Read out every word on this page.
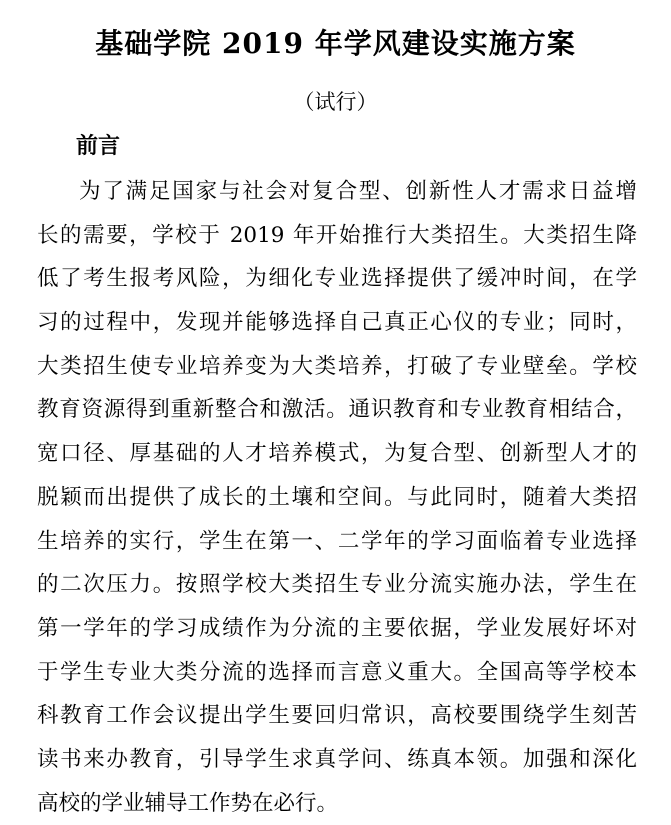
基础学院 2019 年学风建设实施方案
（试行）
前言
为了满足国家与社会对复合型、创新性人才需求日益增
长的需要，学校于 2019 年开始推行大类招生。大类招生降
低了考生报考风险，为细化专业选择提供了缓冲时间，在学
习的过程中，发现并能够选择自己真正心仪的专业；同时，
大类招生使专业培养变为大类培养，打破了专业壁垒。学校
教育资源得到重新整合和激活。通识教育和专业教育相结合，
宽口径、厚基础的人才培养模式，为复合型、创新型人才的
脱颖而出提供了成长的土壤和空间。与此同时，随着大类招
生培养的实行，学生在第一、二学年的学习面临着专业选择
的二次压力。按照学校大类招生专业分流实施办法，学生在
第一学年的学习成绩作为分流的主要依据，学业发展好坏对
于学生专业大类分流的选择而言意义重大。全国高等学校本
科教育工作会议提出学生要回归常识，高校要围绕学生刻苦
读书来办教育，引导学生求真学问、练真本领。加强和深化
高校的学业辅导工作势在必行。
